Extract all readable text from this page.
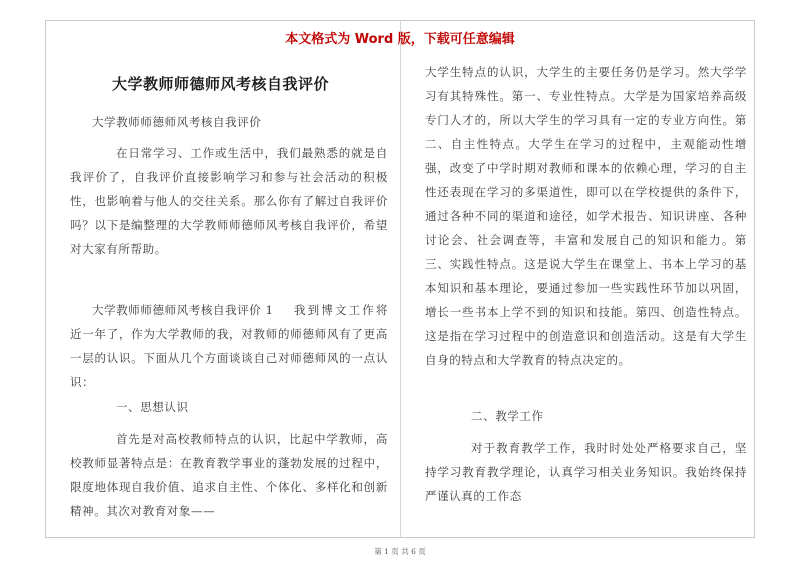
本文格式为 Word 版，下载可任意编辑
大学教师师德师风考核自我评价
大学教师师德师风考核自我评价
在日常学习、工作或生活中，我们最熟悉的就是自我评价了，自我评价直接影响学习和参与社会活动的积极性，也影响着与他人的交往关系。那么你有了解过自我评价吗？以下是编整理的大学教师师德师风考核自我评价，希望对大家有所帮助。
大学教师师德师风考核自我评价 1	我到博文工作将近一年了，作为大学教师的我，对教师的师德师风有了更高一层的认识。下面从几个方面谈谈自己对师德师风的一点认识：
一、思想认识
首先是对高校教师特点的认识，比起中学教师，高校教师显著特点是：在教育教学事业的蓬勃发展的过程中，限度地体现自我价值、追求自主性、个体化、多样化和创新精神。其次对教育对象——
大学生特点的认识，大学生的主要任务仍是学习。然大学学习有其特殊性。第一、专业性特点。大学是为国家培养高级专门人才的，所以大学生的学习具有一定的专业方向性。第二、自主性特点。大学生在学习的过程中，主观能动性增强，改变了中学时期对教师和课本的依赖心理，学习的自主性还表现在学习的多渠道性，即可以在学校提供的条件下，通过各种不同的渠道和途径，如学术报告、知识讲座、各种讨论会、社会调查等，丰富和发展自己的知识和能力。第三、实践性特点。这是说大学生在课堂上、书本上学习的基本知识和基本理论，要通过参加一些实践性环节加以巩固，增长一些书本上学不到的知识和技能。第四、创造性特点。这是指在学习过程中的创造意识和创造活动。这是有大学生自身的特点和大学教育的特点决定的。
二、教学工作
对于教育教学工作，我时时处处严格要求自己，坚持学习教育教学理论，认真学习相关业务知识。我始终保持严谨认真的工作态
第 1 页 共 6 页
